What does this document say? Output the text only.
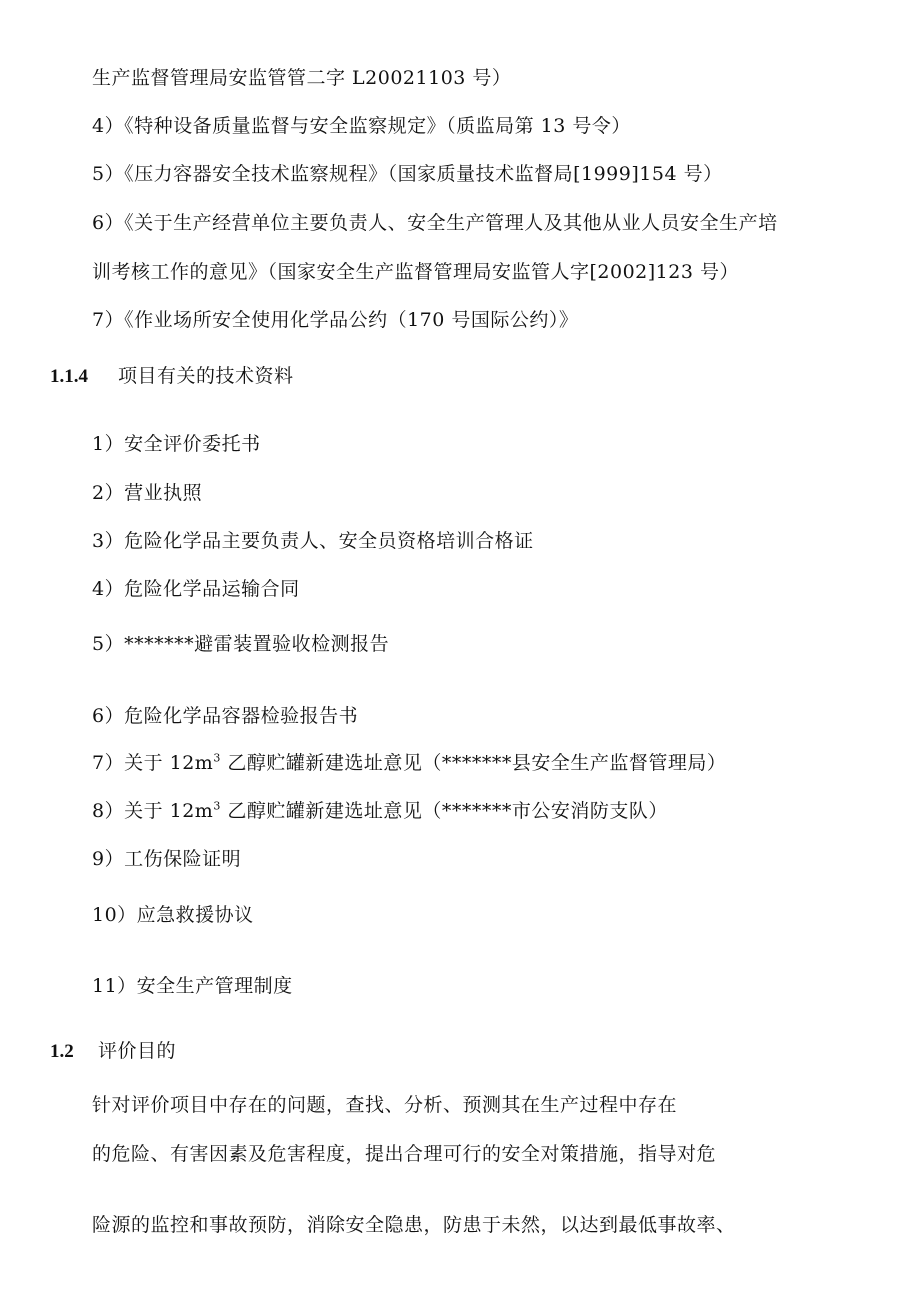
生产监督管理局安监管管二字 L20021103 号）
4）《特种设备质量监督与安全监察规定》（质监局第 13 号令）
5）《压力容器安全技术监察规程》（国家质量技术监督局[1999]154 号）
6）《关于生产经营单位主要负责人、安全生产管理人及其他从业人员安全生产培
训考核工作的意见》（国家安全生产监督管理局安监管人字[2002]123 号）
7）《作业场所安全使用化学品公约（170 号国际公约）》
1.1.4 项目有关的技术资料
1）安全评价委托书
2）营业执照
3）危险化学品主要负责人、安全员资格培训合格证
4）危险化学品运输合同
5）*******避雷装置验收检测报告
6）危险化学品容器检验报告书
7）关于 $12m^3$ 乙醇贮罐新建选址意见（*******县安全生产监督管理局）
8）关于 $12m^3$ 乙醇贮罐新建选址意见（*******市公安消防支队）
9）工伤保险证明
10）应急救援协议
11）安全生产管理制度
1.2 评价目的
针对评价项目中存在的问题，查找、分析、预测其在生产过程中存在
的危险、有害因素及危害程度，提出合理可行的安全对策措施，指导对危
险源的监控和事故预防，消除安全隐患，防患于未然，以达到最低事故率、
